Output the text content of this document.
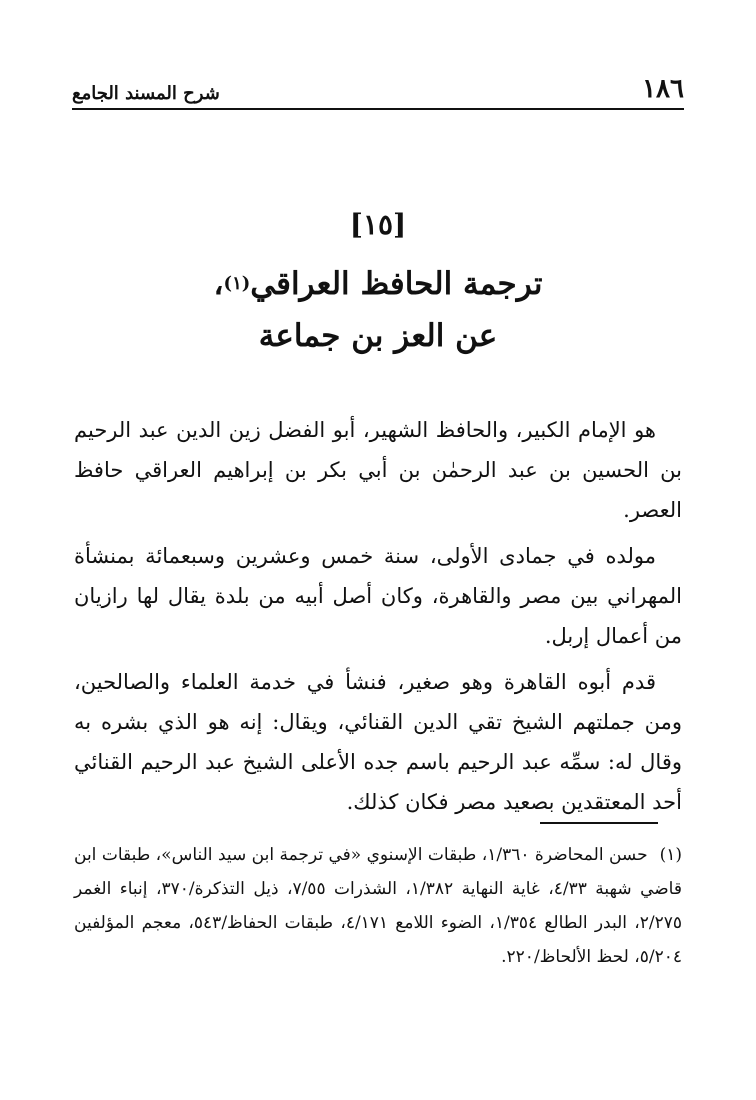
١٨٦
شرح المسند الجامع
[١٥]
ترجمة الحافظ العراقي$^{(١)}$،
عن العز بن جماعة

هو الإمام الكبير، والحافظ الشهير، أبو الفضل زين الدين عبد الرحيم بن الحسين بن عبد الرحمٰن بن أبي بكر بن إبراهيم العراقي حافظ العصر.

مولده في جمادى الأولى، سنة خمس وعشرين وسبعمائة بمنشأة المهراني بين مصر والقاهرة، وكان أصل أبيه من بلدة يقال لها رازيان من أعمال إربل.

قدم أبوه القاهرة وهو صغير، فنشأ في خدمة العلماء والصالحين، ومن جملتهم الشيخ تقي الدين القنائي، ويقال: إنه هو الذي بشره به وقال له: سمِّه عبد الرحيم باسم جده الأعلى الشيخ عبد الرحيم القنائي أحد المعتقدين بصعيد مصر فكان كذلك.

(١)حسن المحاضرة ١/٣٦٠، طبقات الإسنوي «في ترجمة ابن سيد الناس»، طبقات ابن قاضي شهبة ٤/٣٣، غاية النهاية ١/٣٨٢، الشذرات ٧/٥٥، ذيل التذكرة/٣٧٠، إنباء الغمر ٢/٢٧٥، البدر الطالع ١/٣٥٤، الضوء اللامع ٤/١٧١، طبقات الحفاظ/٥٤٣، معجم المؤلفين ٥/٢٠٤، لحظ الألحاظ/٢٢٠.
